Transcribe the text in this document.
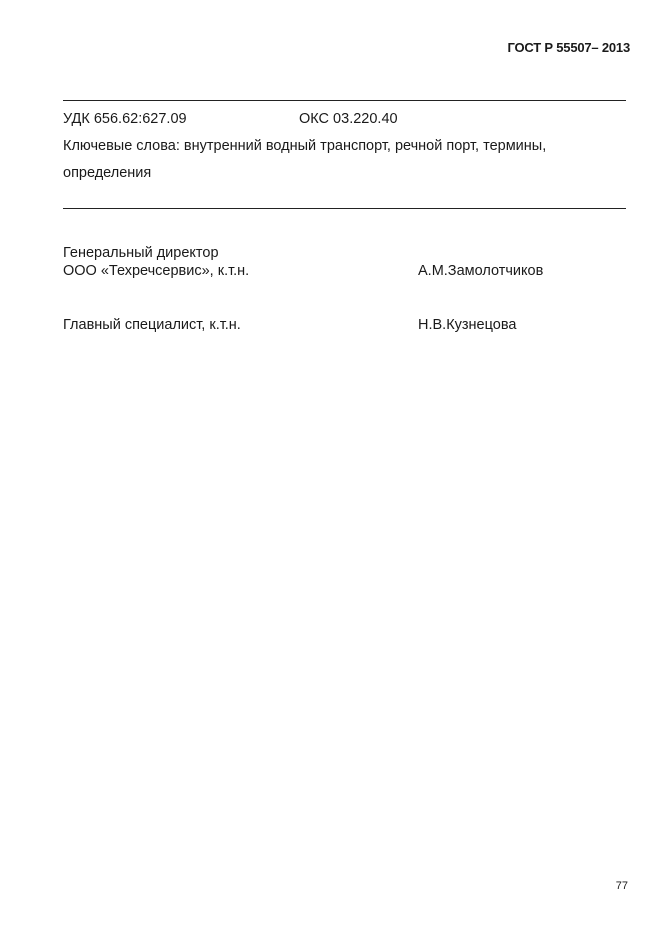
ГОСТ Р 55507– 2013
УДК 656.62:627.09	ОКС 03.220.40
Ключевые слова: внутренний водный транспорт, речной порт, термины,
определения
Генеральный директор
ООО «Техречсервис», к.т.н.	А.М.Замолотчиков
Главный специалист, к.т.н.	Н.В.Кузнецова
77
